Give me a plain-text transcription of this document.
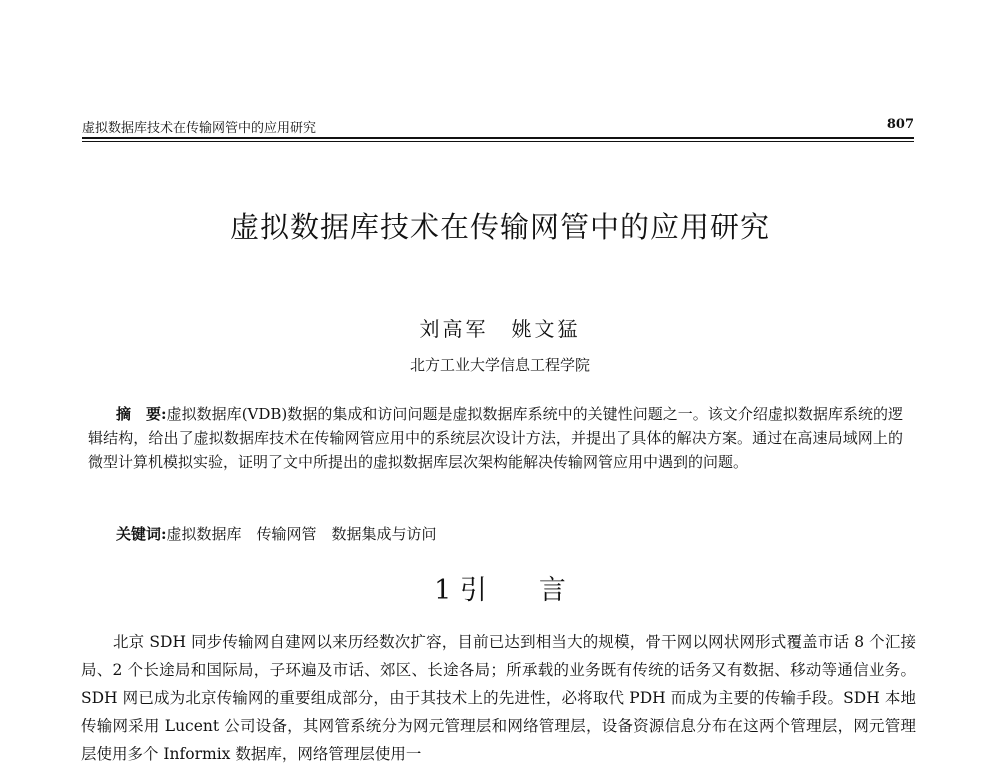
虚拟数据库技术在传输网管中的应用研究	807
虚拟数据库技术在传输网管中的应用研究
刘高军　姚文猛
北方工业大学信息工程学院
摘　要:虚拟数据库(VDB)数据的集成和访问问题是虚拟数据库系统中的关键性问题之一。该文介绍虚拟数据库系统的逻辑结构，给出了虚拟数据库技术在传输网管应用中的系统层次设计方法，并提出了具体的解决方案。通过在高速局域网上的微型计算机模拟实验，证明了文中所提出的虚拟数据库层次架构能解决传输网管应用中遇到的问题。
关键词:虚拟数据库　传输网管　数据集成与访问
1 引言
北京 SDH 同步传输网自建网以来历经数次扩容，目前已达到相当大的规模，骨干网以网状网形式覆盖市话 8 个汇接局、2 个长途局和国际局，子环遍及市话、郊区、长途各局；所承载的业务既有传统的话务又有数据、移动等通信业务。SDH 网已成为北京传输网的重要组成部分，由于其技术上的先进性，必将取代 PDH 而成为主要的传输手段。SDH 本地传输网采用 Lucent 公司设备，其网管系统分为网元管理层和网络管理层，设备资源信息分布在这两个管理层，网元管理层使用多个 Informix 数据库，网络管理层使用一
